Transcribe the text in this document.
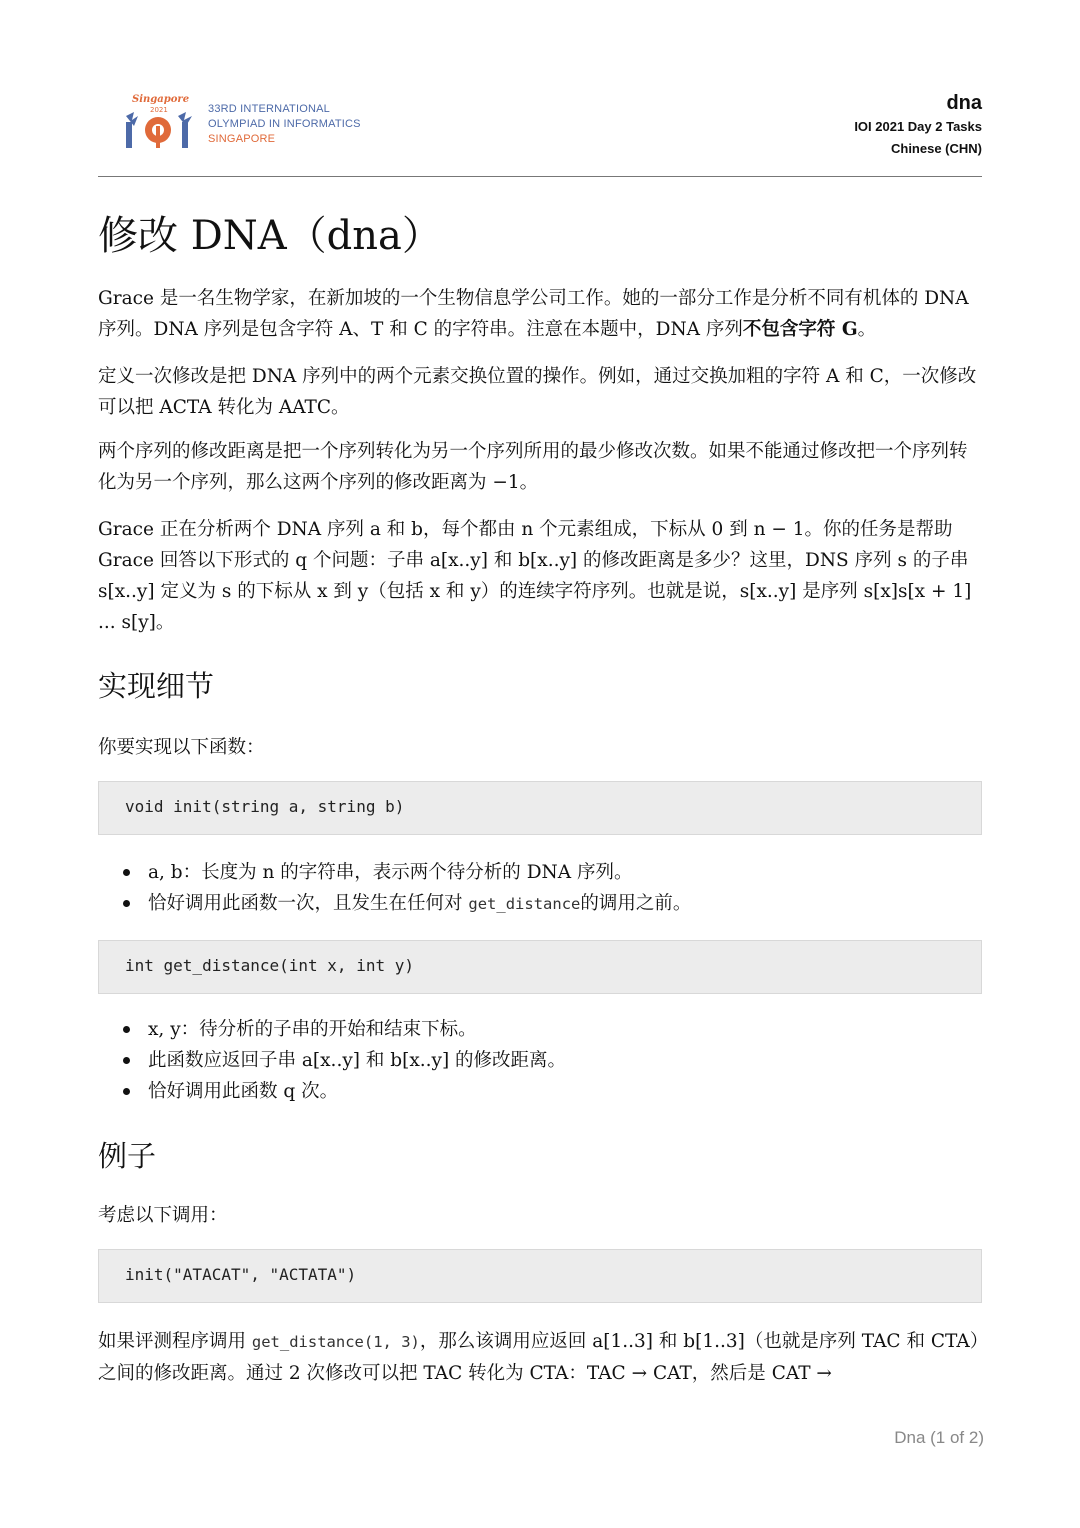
Singapore
2021	33RD INTERNATIONAL
OLYMPIAD IN INFORMATICS
SINGAPORE
dna
IOI 2021 Day 2 Tasks
Chinese (CHN)
修改 DNA（dna）

Grace 是一名生物学家，在新加坡的一个生物信息学公司工作。她的一部分工作是分析不同有机体的 DNA 序列。DNA 序列是包含字符 A、T 和 C 的字符串。注意在本题中，DNA 序列不包含字符 G。

定义一次修改是把 DNA 序列中的两个元素交换位置的操作。例如，通过交换加粗的字符 A 和 C，一次修改可以把 ACTA 转化为 AATC。

两个序列的修改距离是把一个序列转化为另一个序列所用的最少修改次数。如果不能通过修改把一个序列转化为另一个序列，那么这两个序列的修改距离为 −1。

Grace 正在分析两个 DNA 序列 a 和 b，每个都由 n 个元素组成，下标从 0 到 n − 1。你的任务是帮助 Grace 回答以下形式的 q 个问题：子串 a[x..y] 和 b[x..y] 的修改距离是多少？这里，DNS 序列 s 的子串 s[x..y] 定义为 s 的下标从 x 到 y（包括 x 和 y）的连续字符序列。也就是说，s[x..y] 是序列 s[x]s[x + 1] ... s[y]。

实现细节

你要实现以下函数：

void init(string a, string b)
a, b：长度为 n 的字符串，表示两个待分析的 DNA 序列。
恰好调用此函数一次，且发生在任何对 get_distance的调用之前。
int get_distance(int x, int y)
x, y：待分析的子串的开始和结束下标。
此函数应返回子串 a[x..y] 和 b[x..y] 的修改距离。
恰好调用此函数 q 次。
例子

考虑以下调用：

init("ATACAT", "ACTATA")

如果评测程序调用 get_distance(1, 3)，那么该调用应返回 a[1..3] 和 b[1..3]（也就是序列 TAC 和 CTA）之间的修改距离。通过 2 次修改可以把 TAC 转化为 CTA：TAC → CAT，然后是 CAT →

Dna (1 of 2)
